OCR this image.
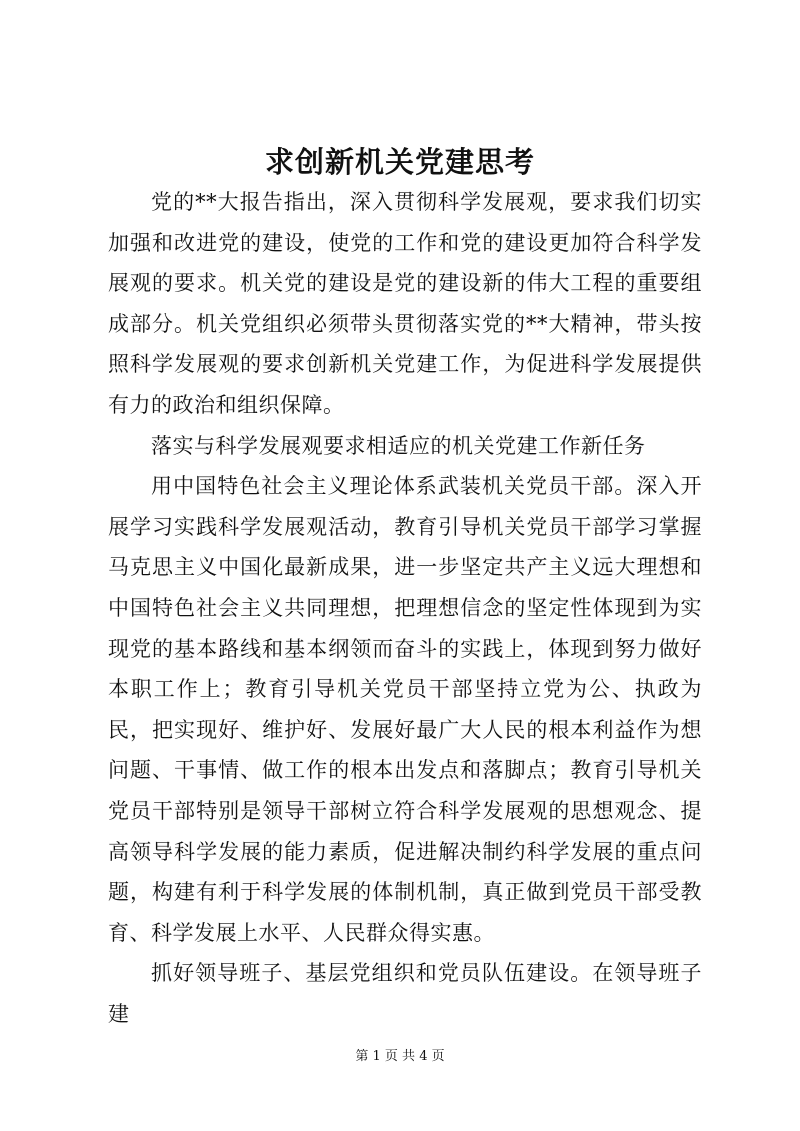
求创新机关党建思考

党的**大报告指出，深入贯彻科学发展观，要求我们切实加强和改进党的建设，使党的工作和党的建设更加符合科学发展观的要求。机关党的建设是党的建设新的伟大工程的重要组成部分。机关党组织必须带头贯彻落实党的**大精神，带头按照科学发展观的要求创新机关党建工作，为促进科学发展提供有力的政治和组织保障。

落实与科学发展观要求相适应的机关党建工作新任务

用中国特色社会主义理论体系武装机关党员干部。深入开展学习实践科学发展观活动，教育引导机关党员干部学习掌握马克思主义中国化最新成果，进一步坚定共产主义远大理想和中国特色社会主义共同理想，把理想信念的坚定性体现到为实现党的基本路线和基本纲领而奋斗的实践上，体现到努力做好本职工作上；教育引导机关党员干部坚持立党为公、执政为民，把实现好、维护好、发展好最广大人民的根本利益作为想问题、干事情、做工作的根本出发点和落脚点；教育引导机关党员干部特别是领导干部树立符合科学发展观的思想观念、提高领导科学发展的能力素质，促进解决制约科学发展的重点问题，构建有利于科学发展的体制机制，真正做到党员干部受教育、科学发展上水平、人民群众得实惠。

抓好领导班子、基层党组织和党员队伍建设。在领导班子建

第 1 页 共 4 页
